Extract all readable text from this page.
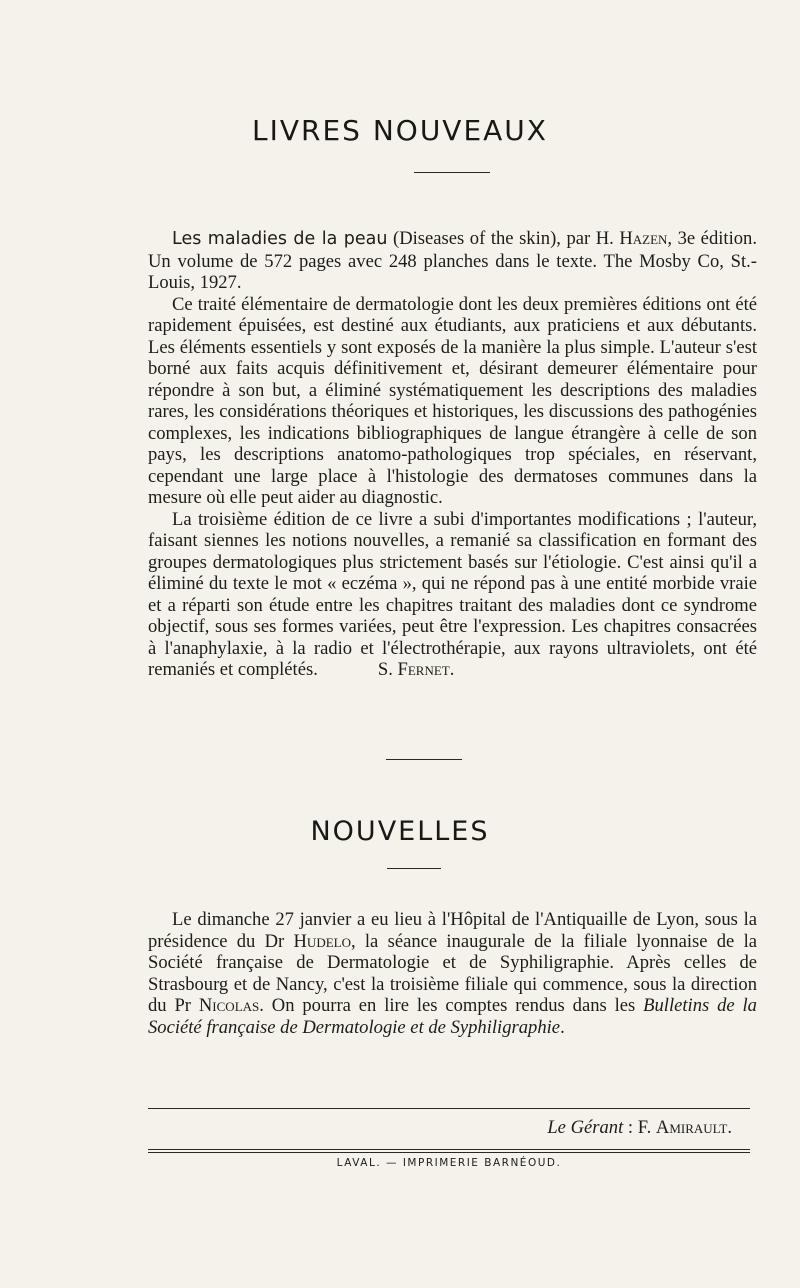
LIVRES NOUVEAUX

Les maladies de la peau (Diseases of the skin), par H. Hazen, 3e édition. Un volume de 572 pages avec 248 planches dans le texte. The Mosby Co, St.-Louis, 1927.

Ce traité élémentaire de dermatologie dont les deux premières éditions ont été rapidement épuisées, est destiné aux étudiants, aux praticiens et aux débutants. Les éléments essentiels y sont exposés de la manière la plus simple. L'auteur s'est borné aux faits acquis définitivement et, désirant demeurer élémentaire pour répondre à son but, a éliminé systématiquement les descriptions des maladies rares, les considérations théoriques et historiques, les discussions des pathogénies complexes, les indications bibliographiques de langue étrangère à celle de son pays, les descriptions anatomo-pathologiques trop spéciales, en réservant, cependant une large place à l'histologie des dermatoses communes dans la mesure où elle peut aider au diagnostic.

La troisième édition de ce livre a subi d'importantes modifications ; l'auteur, faisant siennes les notions nouvelles, a remanié sa classification en formant des groupes dermatologiques plus strictement basés sur l'étiologie. C'est ainsi qu'il a éliminé du texte le mot « eczéma », qui ne répond pas à une entité morbide vraie et a réparti son étude entre les chapitres traitant des maladies dont ce syndrome objectif, sous ses formes variées, peut être l'expression. Les chapitres consacrées à l'anaphylaxie, à la radio et l'électrothérapie, aux rayons ultraviolets, ont été remaniés et complétés.	S. Fernet.

NOUVELLES

Le dimanche 27 janvier a eu lieu à l'Hôpital de l'Antiquaille de Lyon, sous la présidence du Dr Hudelo, la séance inaugurale de la filiale lyonnaise de la Société française de Dermatologie et de Syphiligraphie. Après celles de Strasbourg et de Nancy, c'est la troisième filiale qui commence, sous la direction du Pr Nicolas. On pourra en lire les comptes rendus dans les Bulletins de la Société française de Dermatologie et de Syphiligraphie.

Le Gérant : F. Amirault.
LAVAL. — IMPRIMERIE BARNÉOUD.
